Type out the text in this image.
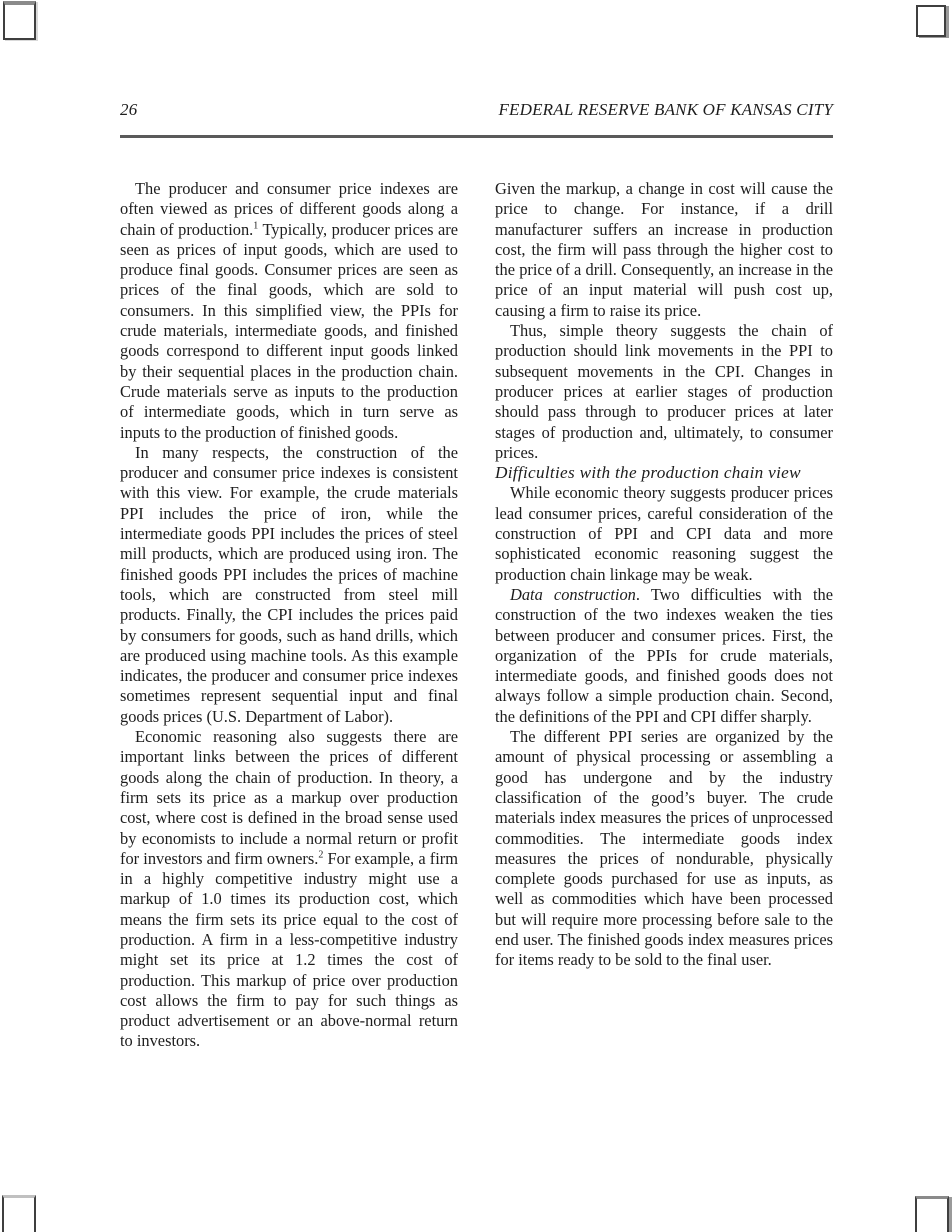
26	FEDERAL RESERVE BANK OF KANSAS CITY

The producer and consumer price indexes are often viewed as prices of different goods along a chain of production.$^1$ Typically, producer prices are seen as prices of input goods, which are used to produce final goods. Consumer prices are seen as prices of the final goods, which are sold to consumers. In this simplified view, the PPIs for crude materials, intermediate goods, and finished goods correspond to different input goods linked by their sequential places in the production chain. Crude materials serve as inputs to the production of intermediate goods, which in turn serve as inputs to the production of finished goods.

In many respects, the construction of the producer and consumer price indexes is consistent with this view. For example, the crude materials PPI includes the price of iron, while the intermediate goods PPI includes the prices of steel mill products, which are produced using iron. The finished goods PPI includes the prices of machine tools, which are constructed from steel mill products. Finally, the CPI includes the prices paid by consumers for goods, such as hand drills, which are produced using machine tools. As this example indicates, the producer and consumer price indexes sometimes represent sequential input and final goods prices (U.S. Department of Labor).

Economic reasoning also suggests there are important links between the prices of different goods along the chain of production. In theory, a firm sets its price as a markup over production cost, where cost is defined in the broad sense used by economists to include a normal return or profit for investors and firm owners.$^2$ For example, a firm in a highly competitive industry might use a markup of 1.0 times its production cost, which means the firm sets its price equal to the cost of production. A firm in a less-competitive industry might set its price at 1.2 times the cost of production. This markup of price over production cost allows the firm to pay for such things as product advertisement or an above-normal return to investors.

Given the markup, a change in cost will cause the price to change. For instance, if a drill manufacturer suffers an increase in production cost, the firm will pass through the higher cost to the price of a drill. Consequently, an increase in the price of an input material will push cost up, causing a firm to raise its price.

Thus, simple theory suggests the chain of production should link movements in the PPI to subsequent movements in the CPI. Changes in producer prices at earlier stages of production should pass through to producer prices at later stages of production and, ultimately, to consumer prices.

Difficulties with the production chain view

While economic theory suggests producer prices lead consumer prices, careful consideration of the construction of PPI and CPI data and more sophisticated economic reasoning suggest the production chain linkage may be weak.

Data construction. Two difficulties with the construction of the two indexes weaken the ties between producer and consumer prices. First, the organization of the PPIs for crude materials, intermediate goods, and finished goods does not always follow a simple production chain. Second, the definitions of the PPI and CPI differ sharply.

The different PPI series are organized by the amount of physical processing or assembling a good has undergone and by the industry classification of the good’s buyer. The crude materials index measures the prices of unprocessed commodities. The intermediate goods index measures the prices of nondurable, physically complete goods purchased for use as inputs, as well as commodities which have been processed but will require more processing before sale to the end user. The finished goods index measures prices for items ready to be sold to the final user.
